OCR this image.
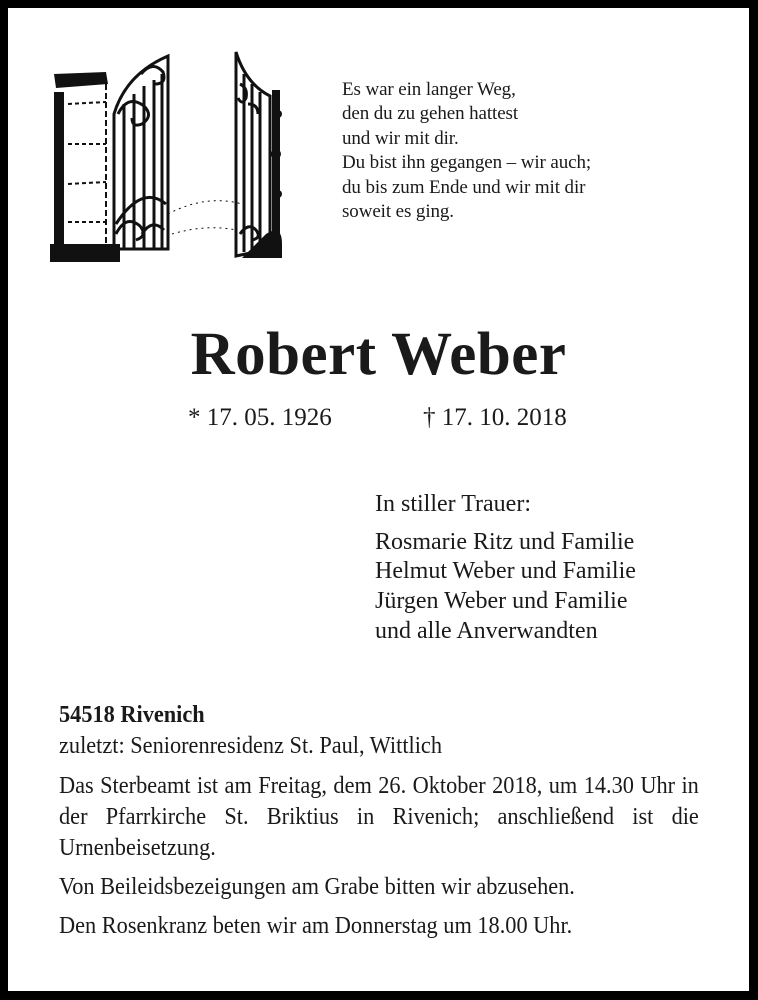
Es war ein langer Weg,
den du zu gehen hattest
und wir mit dir.
Du bist ihn gegangen – wir auch;
du bis zum Ende und wir mit dir
soweit es ging.
Robert Weber
* 17. 05. 1926	† 17. 10. 2018
In stiller Trauer:
Rosmarie Ritz und Familie
Helmut Weber und Familie
Jürgen Weber und Familie
und alle Anverwandten
54518 Rivenich
zuletzt: Seniorenresidenz St. Paul, Wittlich
Das Sterbeamt ist am Freitag, dem 26. Oktober 2018, um 14.30 Uhr in der Pfarrkirche St. Briktius in Rivenich; anschließend ist die Urnenbeisetzung.
Von Beileidsbezeigungen am Grabe bitten wir abzusehen.
Den Rosenkranz beten wir am Donnerstag um 18.00 Uhr.
